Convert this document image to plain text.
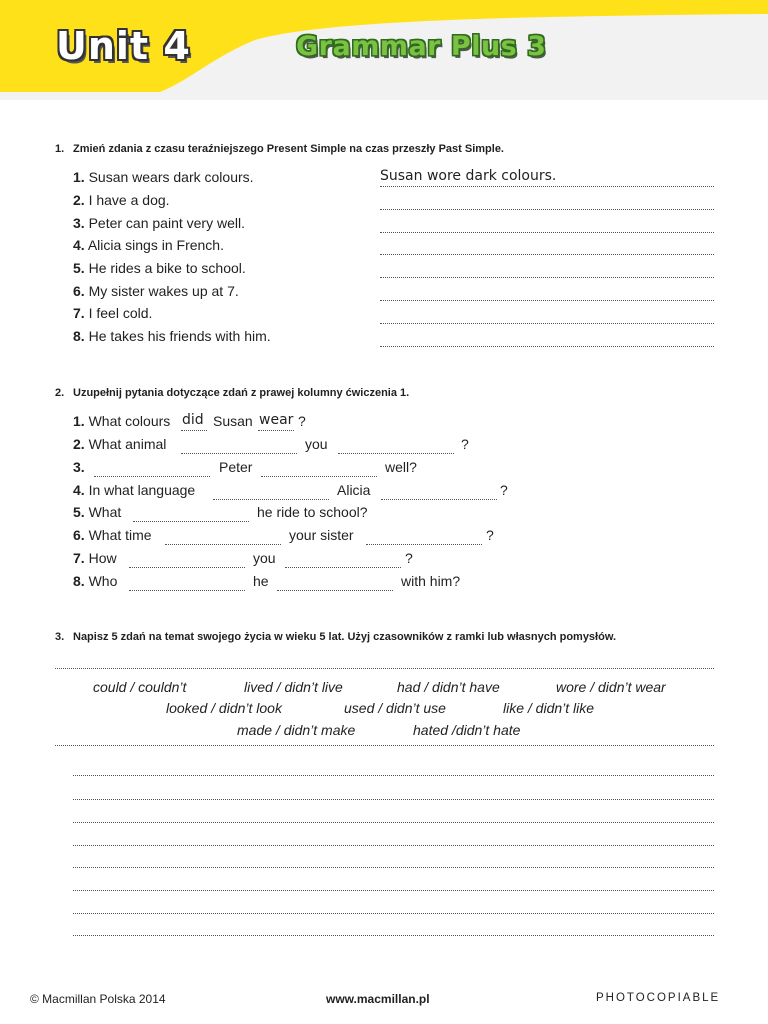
Unit 4	Grammar Plus 3
1. Zmień zdania z czasu teraźniejszego Present Simple na czas przeszły Past Simple.
1. Susan wears dark colours.
2. I have a dog.
3. Peter can paint very well.
4. Alicia sings in French.
5. He rides a bike to school.
6. My sister wakes up at 7.
7. I feel cold.
8. He takes his friends with him.
Susan wore dark colours.
2. Uzupełnij pytania dotyczące zdań z prawej kolumny ćwiczenia 1.
1. What colours did Susan wear ?
2. What animal	you	?
3.	Peter	well?
4. In what language	Alicia	?
5. What	he ride to school?
6. What time	your sister	?
7. How	you	?
8. Who	he	with him?
3. Napisz 5 zdań na temat swojego życia w wieku 5 lat. Użyj czasowników z ramki lub własnych pomysłów.
could / couldn’t	lived / didn’t live	had / didn’t have	wore / didn’t wear
looked / didn’t look	used / didn’t use	like / didn’t like
made / didn’t make	hated /didn’t hate
© Macmillan Polska 2014	www.macmillan.pl	PHOTOCOPIABLE
